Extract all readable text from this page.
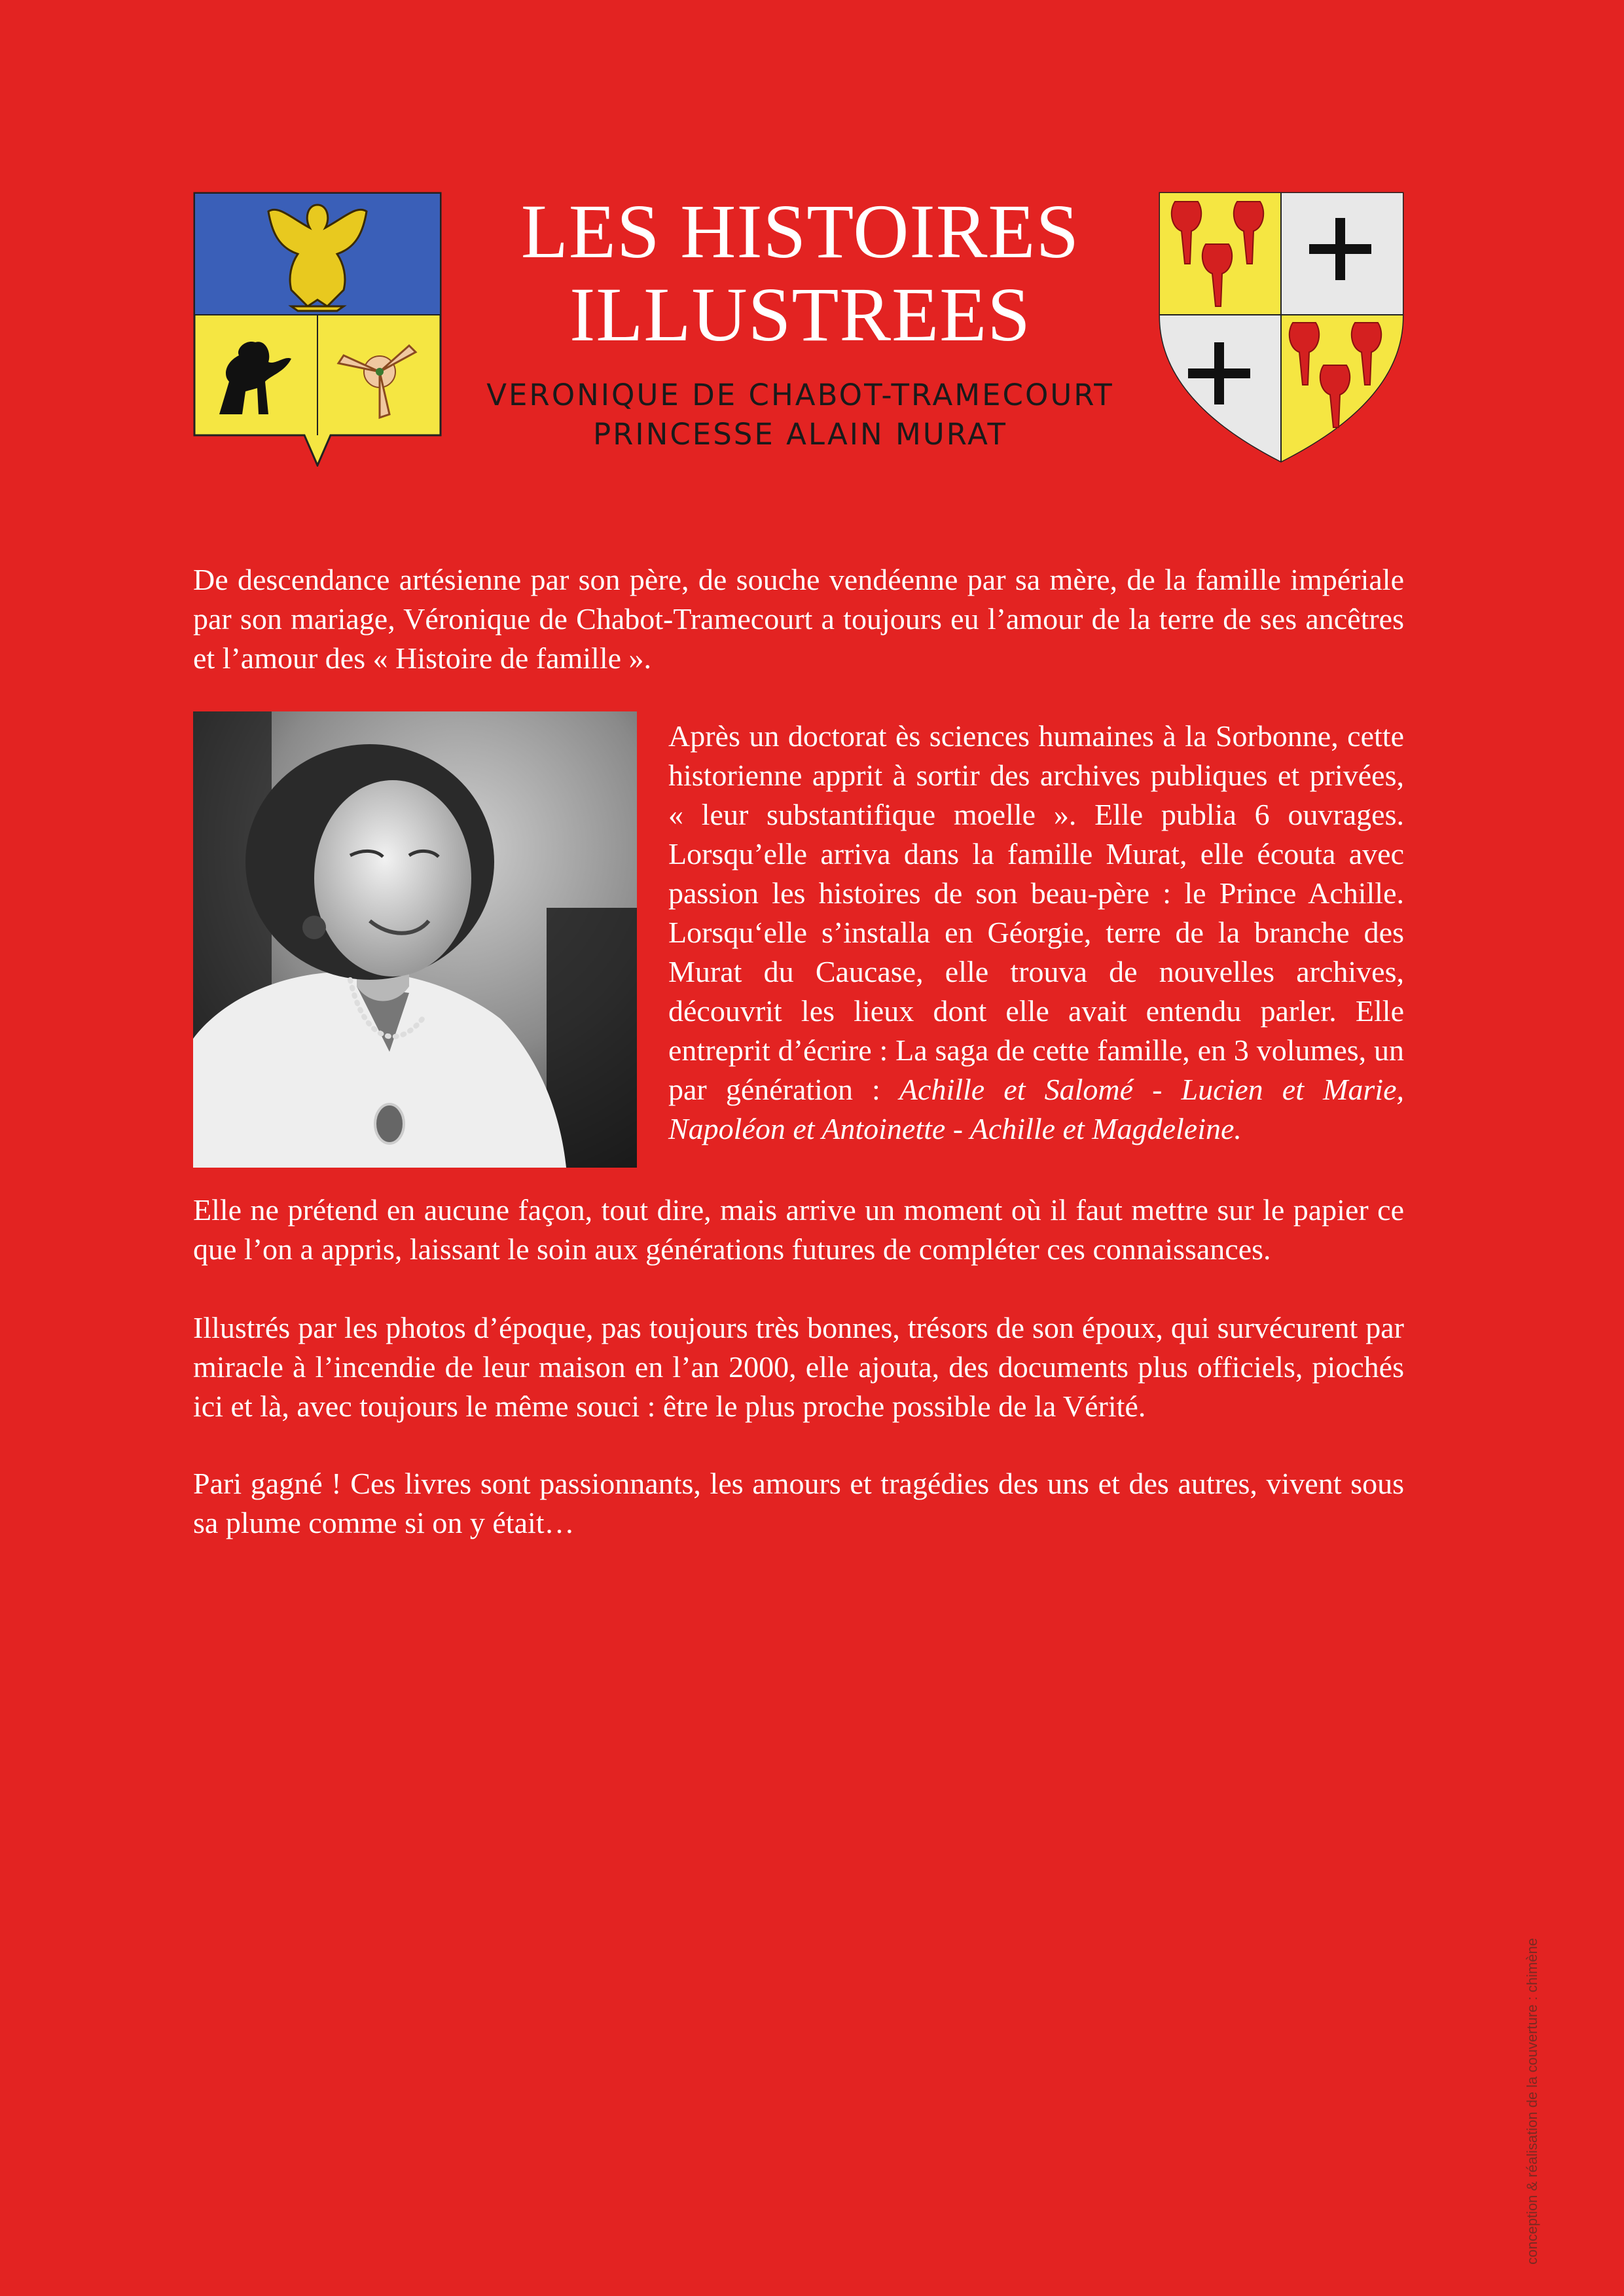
LES HISTOIRES
ILLUSTREES
VERONIQUE DE CHABOT-TRAMECOURT
PRINCESSE ALAIN MURAT

De descendance artésienne par son père, de souche vendéenne par sa mère, de la famille impériale par son mariage, Véronique de Chabot-Tramecourt a toujours eu l’amour de la terre de ses ancêtres et l’amour des « Histoire de famille ».

Après un doctorat ès sciences humaines à la Sorbonne, cette historienne apprit à sortir des archives publiques et privées, « leur substantifique moelle ». Elle publia 6 ouvrages. Lorsqu’elle arriva dans la famille Murat, elle écouta avec passion les histoires de son beau-père : le Prince Achille. Lorsqu‘elle s’installa en Géorgie, terre de la branche des Murat du Caucase, elle trouva de nouvelles archives, découvrit les lieux dont elle avait entendu parler. Elle entreprit d’écrire : La saga de cette famille, en 3 volumes, un par génération : Achille et Salomé - Lucien et Marie, Napoléon et Antoinette - Achille et Magdeleine.

Elle ne prétend en aucune façon, tout dire, mais arrive un moment où il faut mettre sur le papier ce que l’on a appris, laissant le soin aux générations futures de compléter ces connaissances.

Illustrés par les photos d’époque, pas toujours très bonnes, trésors de son époux, qui survécurent par miracle à l’incendie de leur maison en l’an 2000, elle ajouta, des documents plus officiels, piochés ici et là, avec toujours le même souci : être le plus proche possible de la Vérité.

Pari gagné ! Ces livres sont passionnants, les amours et tragédies des uns et des autres, vivent sous sa plume comme si on y était…

conception & réalisation de la couverture : chimène
